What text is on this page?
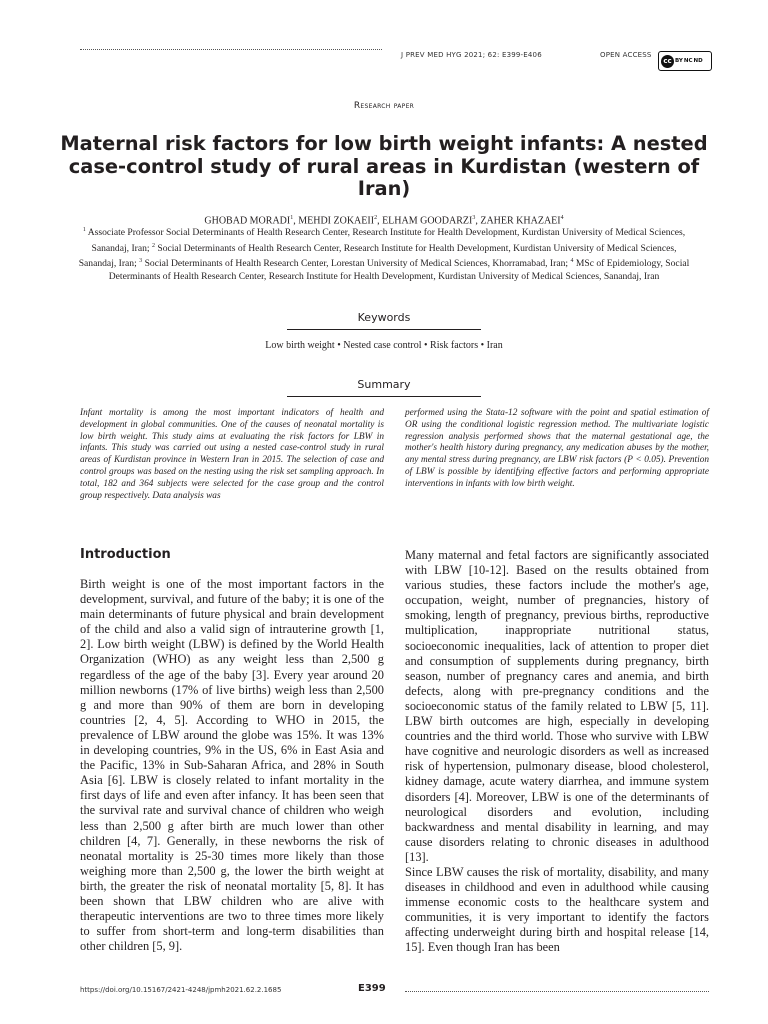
J PREV MED HYG 2021; 62: E399-E406	OPEN ACCESS
cc BY NC ND
Research paper
Maternal risk factors for low birth weight infants: A nested case-control study of rural areas in Kurdistan (western of Iran)
GHOBAD MORADI$^1$, MEHDI ZOKAEII$^2$, ELHAM GOODARZI$^3$, ZAHER KHAZAEI$^4$

$^1$ Associate Professor Social Determinants of Health Research Center, Research Institute for Health Development, Kurdistan University of Medical Sciences, Sanandaj, Iran; $^2$ Social Determinants of Health Research Center, Research Institute for Health Development, Kurdistan University of Medical Sciences, Sanandaj, Iran; $^3$ Social Determinants of Health Research Center, Lorestan University of Medical Sciences, Khorramabad, Iran; $^4$ MSc of Epidemiology, Social Determinants of Health Research Center, Research Institute for Health Development, Kurdistan University of Medical Sciences, Sanandaj, Iran

Keywords
Low birth weight • Nested case control • Risk factors • Iran
Summary

Infant mortality is among the most important indicators of health and development in global communities. One of the causes of neonatal mortality is low birth weight. This study aims at evaluating the risk factors for LBW in infants. This study was carried out using a nested case-control study in rural areas of Kurdistan province in Western Iran in 2015. The selection of case and control groups was based on the nesting using the risk set sampling approach. In total, 182 and 364 subjects were selected for the case group and the control group respectively. Data analysis was

performed using the Stata-12 software with the point and spatial estimation of OR using the conditional logistic regression method. The multivariate logistic regression analysis performed shows that the maternal gestational age, the mother's health history during pregnancy, any medication abuses by the mother, any mental stress during pregnancy, are LBW risk factors (P < 0.05). Prevention of LBW is possible by identifying effective factors and performing appropriate interventions in infants with low birth weight.

Introduction

Birth weight is one of the most important factors in the development, survival, and future of the baby; it is one of the main determinants of future physical and brain development of the child and also a valid sign of intrauterine growth [1, 2]. Low birth weight (LBW) is defined by the World Health Organization (WHO) as any weight less than 2,500 g regardless of the age of the baby [3]. Every year around 20 million newborns (17% of live births) weigh less than 2,500 g and more than 90% of them are born in developing countries [2, 4, 5]. According to WHO in 2015, the prevalence of LBW around the globe was 15%. It was 13% in developing countries, 9% in the US, 6% in East Asia and the Pacific, 13% in Sub-Saharan Africa, and 28% in South Asia [6]. LBW is closely related to infant mortality in the first days of life and even after infancy. It has been seen that the survival rate and survival chance of children who weigh less than 2,500 g after birth are much lower than other children [4, 7]. Generally, in these newborns the risk of neonatal mortality is 25-30 times more likely than those weighing more than 2,500 g, the lower the birth weight at birth, the greater the risk of neonatal mortality [5, 8]. It has been shown that LBW children who are alive with therapeutic interventions are two to three times more likely to suffer from short-term and long-term disabilities than other children [5, 9].

Many maternal and fetal factors are significantly associated with LBW [10-12]. Based on the results obtained from various studies, these factors include the mother's age, occupation, weight, number of pregnancies, history of smoking, length of pregnancy, previous births, reproductive multiplication, inappropriate nutritional status, socioeconomic inequalities, lack of attention to proper diet and consumption of supplements during pregnancy, birth season, number of pregnancy cares and anemia, and birth defects, along with pre-pregnancy conditions and the socioeconomic status of the family related to LBW [5, 11]. LBW birth outcomes are high, especially in developing countries and the third world. Those who survive with LBW have cognitive and neurologic disorders as well as increased risk of hypertension, pulmonary disease, blood cholesterol, kidney damage, acute watery diarrhea, and immune system disorders [4]. Moreover, LBW is one of the determinants of neurological disorders and evolution, including backwardness and mental disability in learning, and may cause disorders relating to chronic diseases in adulthood [13].

Since LBW causes the risk of mortality, disability, and many diseases in childhood and even in adulthood while causing immense economic costs to the healthcare system and communities, it is very important to identify the factors affecting underweight during birth and hospital release [14, 15]. Even though Iran has been

https://doi.org/10.15167/2421-4248/jpmh2021.62.2.1685	E399
